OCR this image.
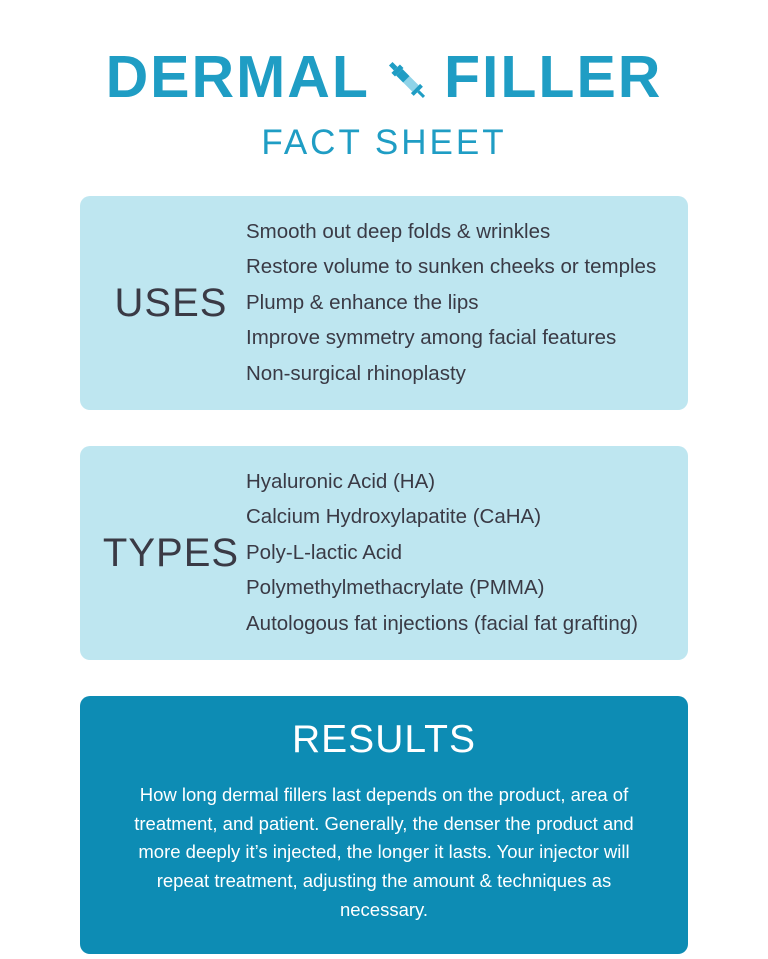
DERMAL FILLER
FACT SHEET
USES
Smooth out deep folds & wrinkles
Restore volume to sunken cheeks or temples
Plump & enhance the lips
Improve symmetry among facial features
Non-surgical rhinoplasty
TYPES
Hyaluronic Acid (HA)
Calcium Hydroxylapatite (CaHA)
Poly-L-lactic Acid
Polymethylmethacrylate (PMMA)
Autologous fat injections (facial fat grafting)
RESULTS

How long dermal fillers last depends on the product, area of treatment, and patient. Generally, the denser the product and more deeply it’s injected, the longer it lasts. Your injector will repeat treatment, adjusting the amount & techniques as necessary.
